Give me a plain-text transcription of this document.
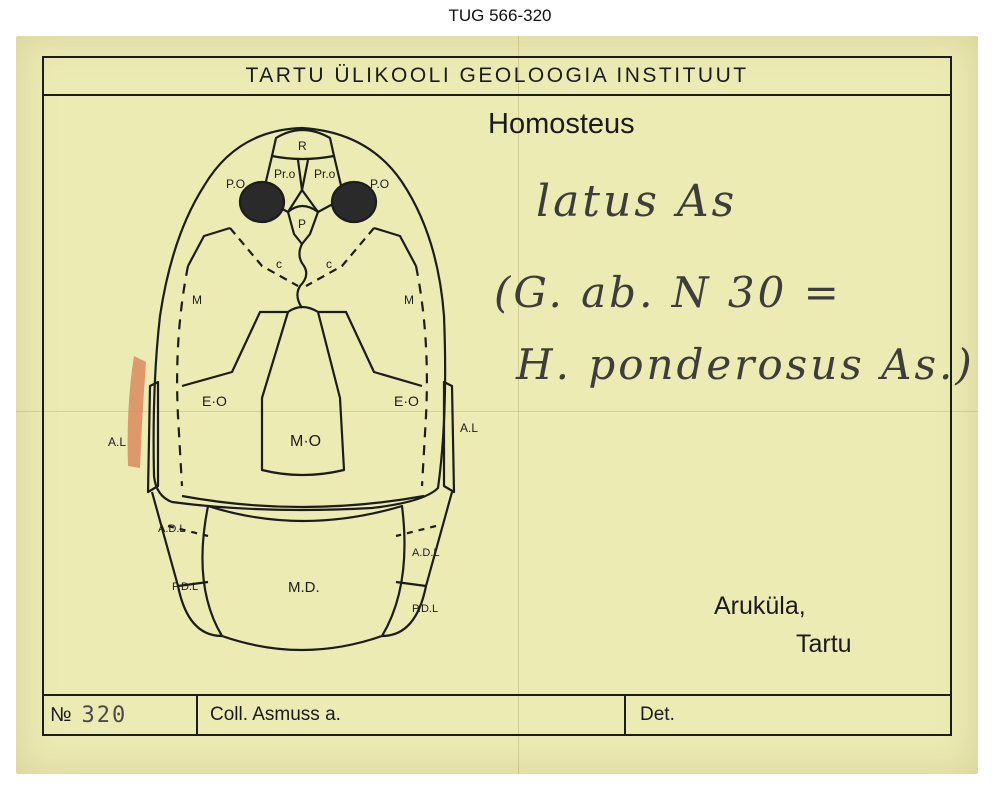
TUG 566-320
TARTU ÜLIKOOLI GEOLOOGIA INSTITUUT
№ 320	Coll. Asmuss a.	Det.
Homosteus
latus As
(G. ab. N 30 =
H. ponderosus As.)
Aruküla,
Tartu
R
Pr.o Pr.o
P.O	P.O
P
c	c
M	M
E·O	E·O
M·O
A.L
A.L
A.D.L
A.D.L
P.D.L
P.D.L
M.D.
